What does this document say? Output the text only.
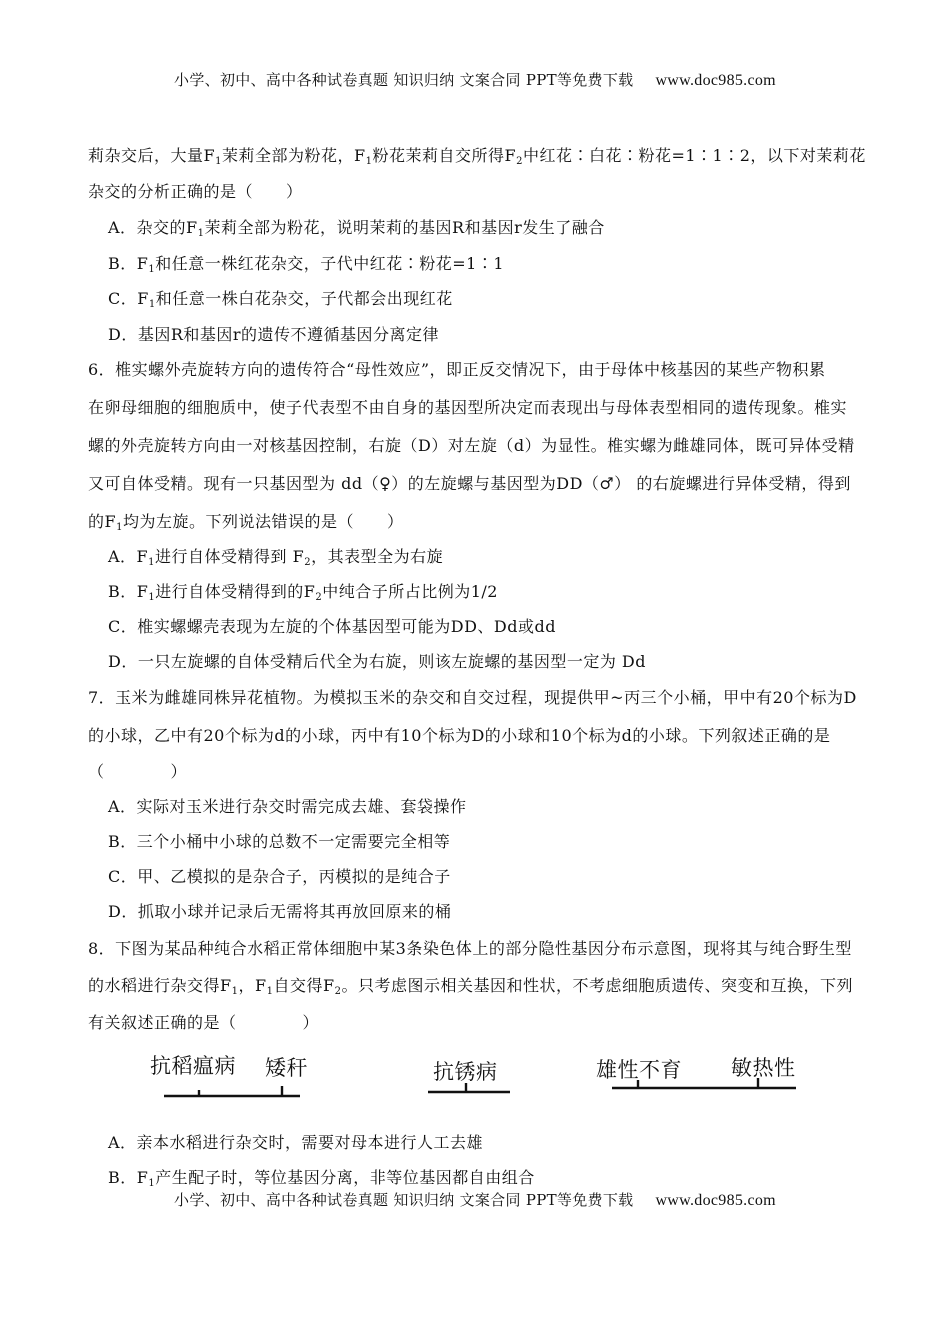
小学、初中、高中各种试卷真题 知识归纳 文案合同 PPT等免费下载 www.doc985.com
莉杂交后，大量$F_1$茉莉全部为粉花，$F_1$粉花茉莉自交所得$F_2$中红花∶白花∶粉花=1∶1∶2，以下对茉莉花
杂交的分析正确的是（　　）
A．杂交的$F_1$茉莉全部为粉花，说明茉莉的基因R和基因r发生了融合
B．$F_1$和任意一株红花杂交，子代中红花∶粉花=1∶1
C．$F_1$和任意一株白花杂交，子代都会出现红花
D．基因R和基因r的遗传不遵循基因分离定律
6．椎实螺外壳旋转方向的遗传符合“母性效应”，即正反交情况下，由于母体中核基因的某些产物积累
在卵母细胞的细胞质中，使子代表型不由自身的基因型所决定而表现出与母体表型相同的遗传现象。椎实
螺的外壳旋转方向由一对核基因控制，右旋（D）对左旋（d）为显性。椎实螺为雌雄同体，既可异体受精
又可自体受精。现有一只基因型为 dd（♀）的左旋螺与基因型为DD（♂） 的右旋螺进行异体受精，得到
的$F_1$均为左旋。下列说法错误的是（　　）
A．$F_1$进行自体受精得到 $F_2$，其表型全为右旋
B．$F_1$进行自体受精得到的$F_2$中纯合子所占比例为1/2
C．椎实螺螺壳表现为左旋的个体基因型可能为DD、Dd或dd
D．一只左旋螺的自体受精后代全为右旋，则该左旋螺的基因型一定为 Dd
7．玉米为雌雄同株异花植物。为模拟玉米的杂交和自交过程，现提供甲~丙三个小桶，甲中有20个标为D
的小球，乙中有20个标为d的小球，丙中有10个标为D的小球和10个标为d的小球。下列叙述正确的是
（　　　　）
A．实际对玉米进行杂交时需完成去雄、套袋操作
B．三个小桶中小球的总数不一定需要完全相等
C．甲、乙模拟的是杂合子，丙模拟的是纯合子
D．抓取小球并记录后无需将其再放回原来的桶
8．下图为某品种纯合水稻正常体细胞中某3条染色体上的部分隐性基因分布示意图，现将其与纯合野生型
的水稻进行杂交得$F_1$，$F_1$自交得$F_2$。只考虑图示相关基因和性状，不考虑细胞质遗传、突变和互换，下列
有关叙述正确的是（　　　　）
抗稻瘟病 矮秆	抗锈病	雄性不育 敏热性
A．亲本水稻进行杂交时，需要对母本进行人工去雄
B．$F_1$产生配子时，等位基因分离，非等位基因都自由组合
小学、初中、高中各种试卷真题 知识归纳 文案合同 PPT等免费下载 www.doc985.com
